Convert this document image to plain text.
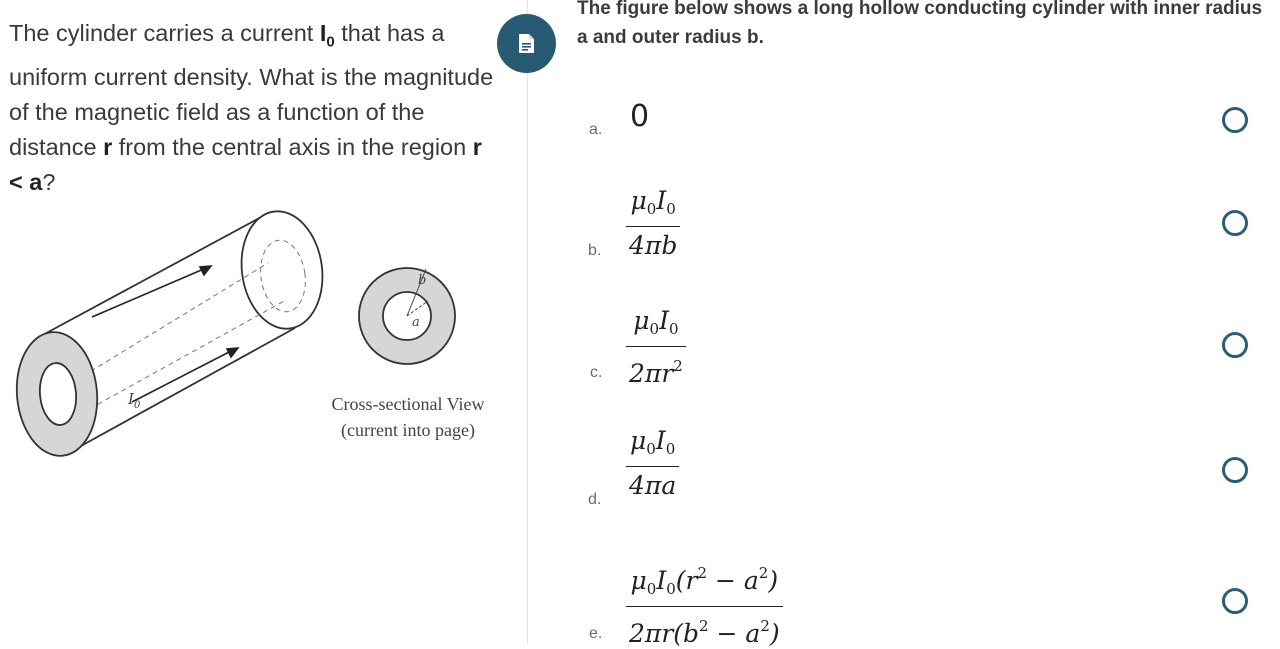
The cylinder carries a current $I_0$ that has a uniform current density. What is the magnitude of the magnetic field as a function of the distance r from the central axis in the region r < a?
$I_0$
b
a
Cross-sectional View
(current into page)
The figure below shows a long hollow conducting cylinder with inner radius a and outer radius b.
a. 0
b. $\frac{\mu_0I_0}{4\pi b}$
c. $\frac{\mu_0I_0}{2\pi r^2}$
d. $\frac{\mu_0I_0}{4\pi a}$
e. $\frac{\mu_0I_0(r^2 - a^2)}{2\pi r(b^2 - a^2)}$
